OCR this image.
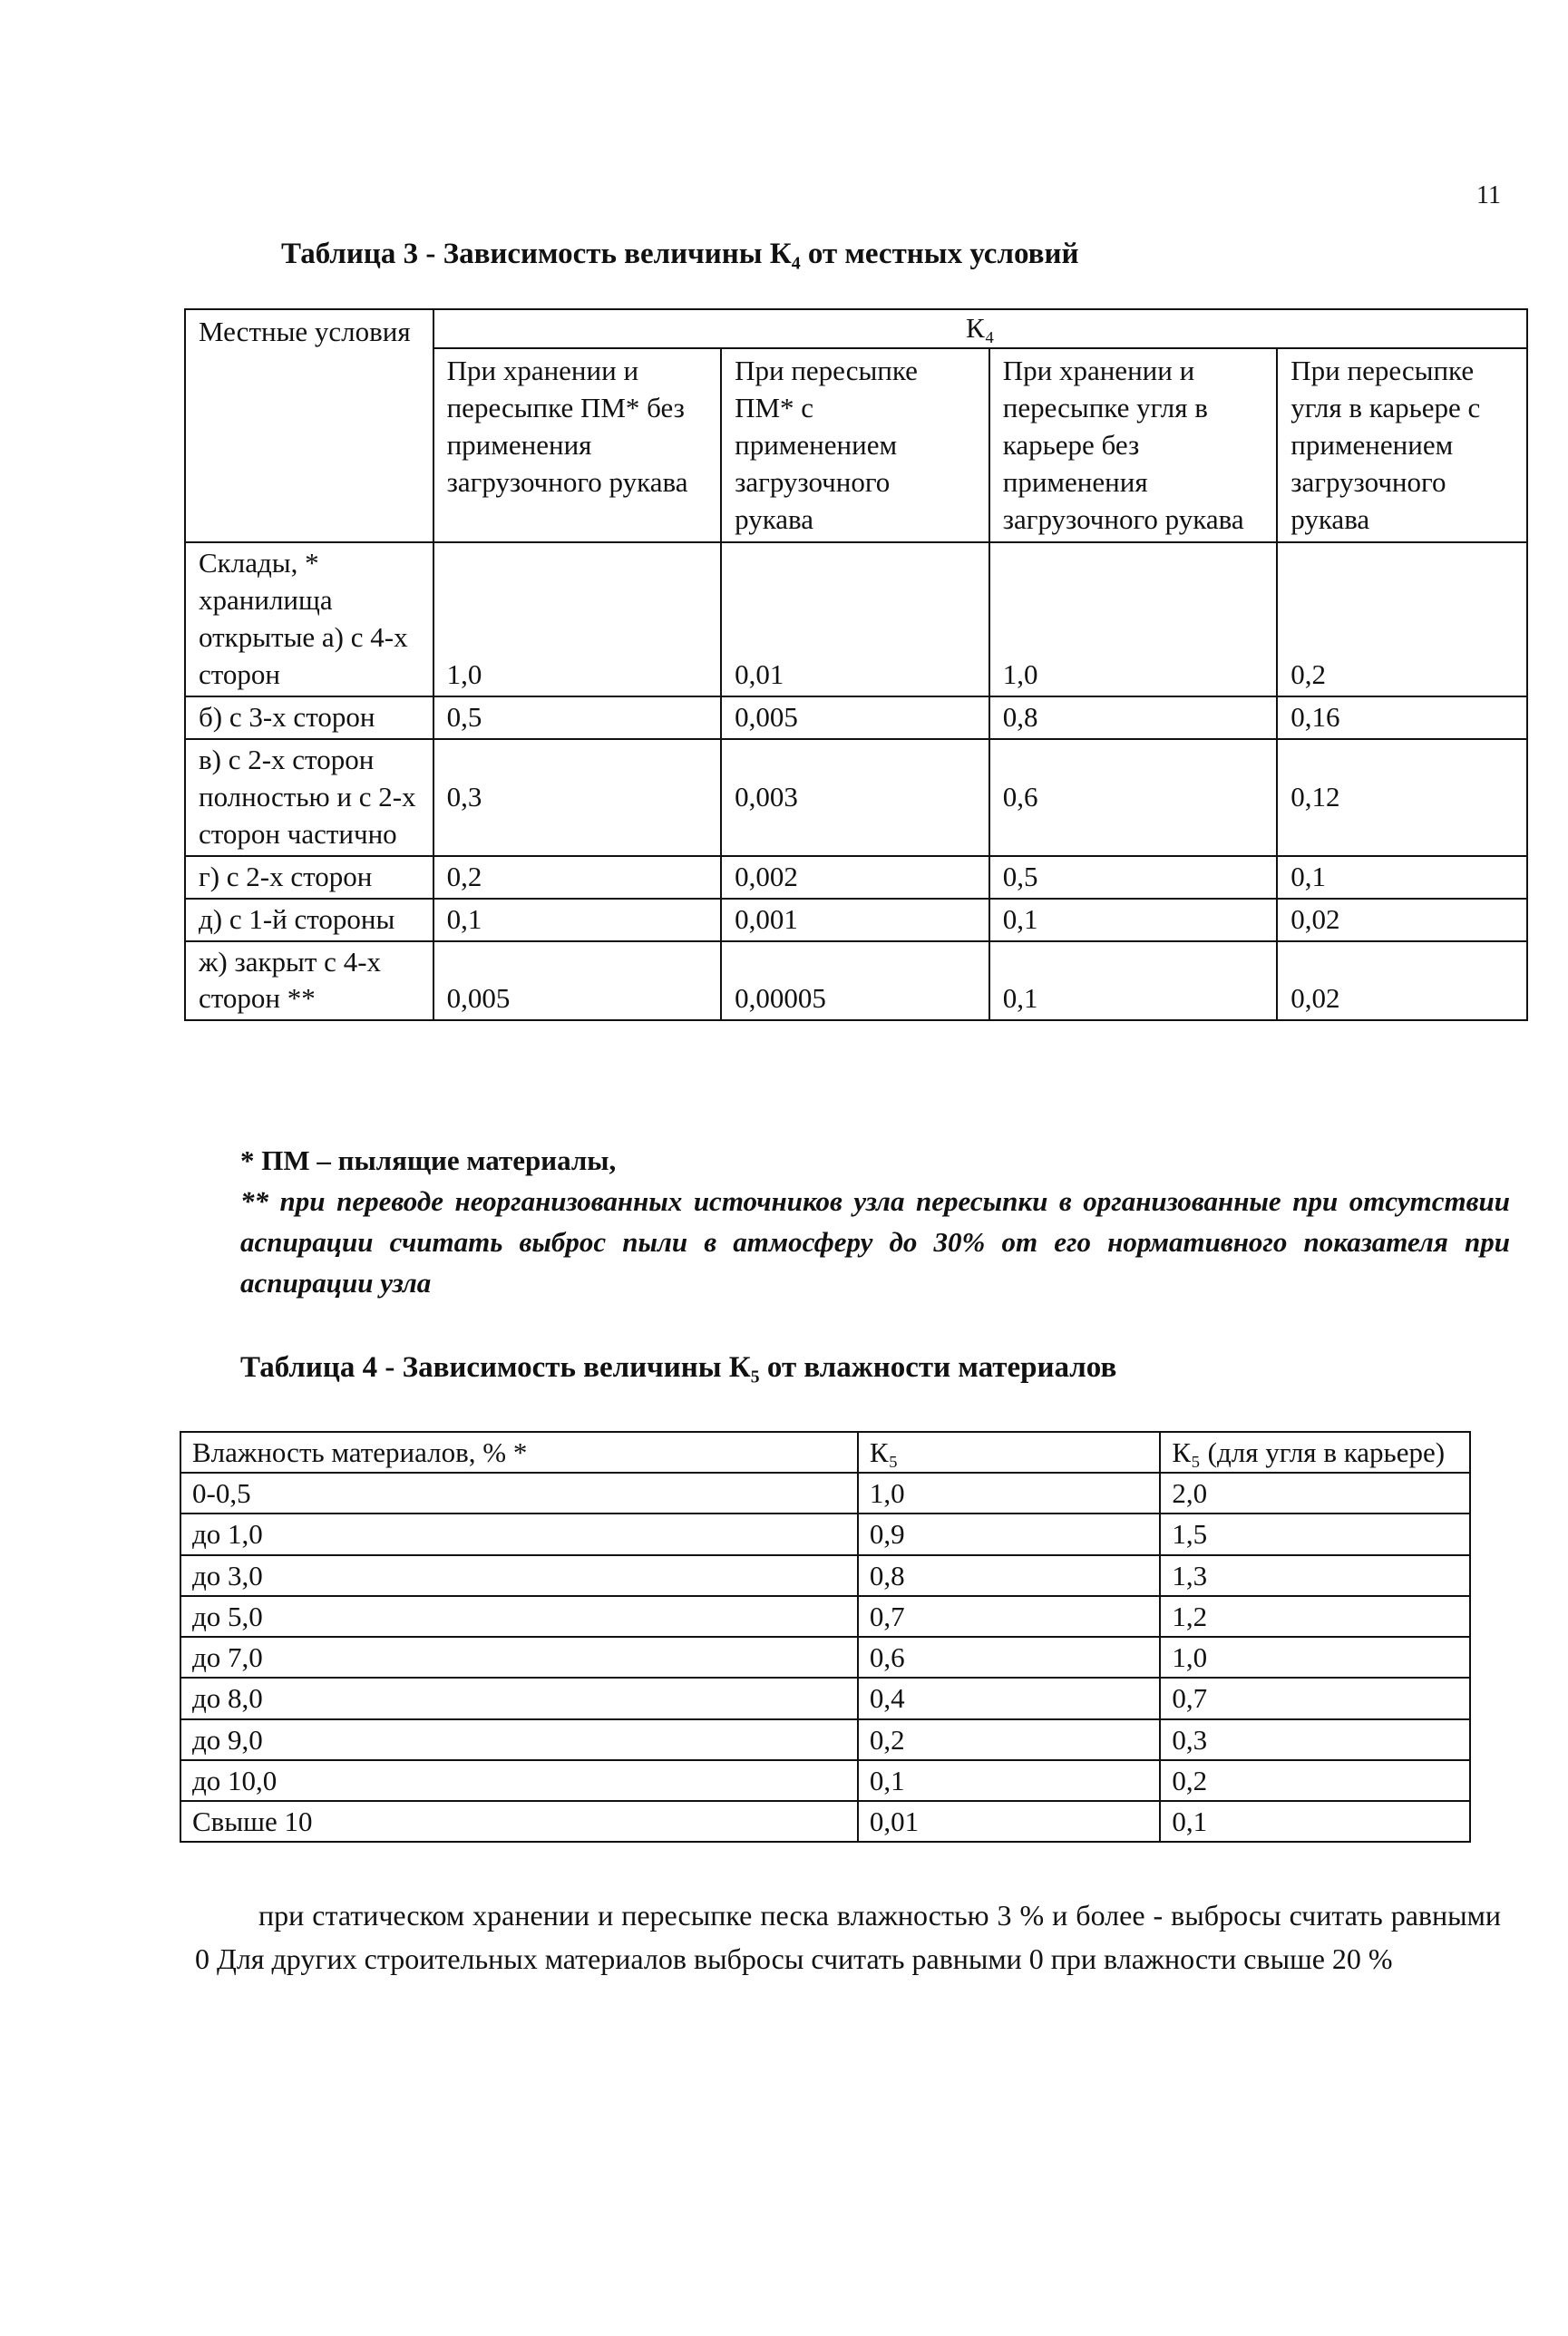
11
Таблица 3 - Зависимость величины К₄ от местных условий
Местные условия	К₄			
	При хранении и пересыпке ПМ* без применения загрузочного рукава	При пересыпке ПМ* с применением загрузочного рукава	При хранении и пересыпке угля в карьере без применения загрузочного рукава	При пересыпке угля в карьере с применением загрузочного рукава
Склады, * хранилища открытые а) с 4-х сторон	1,0	0,01	1,0	0,2
б) с 3-х сторон	0,5	0,005	0,8	0,16
в) с 2-х сторон полностью и с 2-х сторон частично	0,3	0,003	0,6	0,12
г) с 2-х сторон	0,2	0,002	0,5	0,1
д) с 1-й стороны	0,1	0,001	0,1	0,02
ж) закрыт с 4-х сторон **	0,005	0,00005	0,1	0,02
* ПМ – пылящие материалы,
** при переводе неорганизованных источников узла пересыпки в организованные при отсутствии аспирации считать выброс пыли в атмосферу до 30% от его нормативного показателя при аспирации узла
Таблица 4 - Зависимость величины К₅ от влажности материалов
Влажность материалов, % *	К₅	К₅ (для угля в карьере)
0-0,5	1,0	2,0
до 1,0	0,9	1,5
до 3,0	0,8	1,3
до 5,0	0,7	1,2
до 7,0	0,6	1,0
до 8,0	0,4	0,7
до 9,0	0,2	0,3
до 10,0	0,1	0,2
Свыше 10	0,01	0,1
при статическом хранении и пересыпке песка влажностью 3 % и более - выбросы считать равными 0 Для других строительных материалов выбросы считать равными 0 при влажности свыше 20 %
